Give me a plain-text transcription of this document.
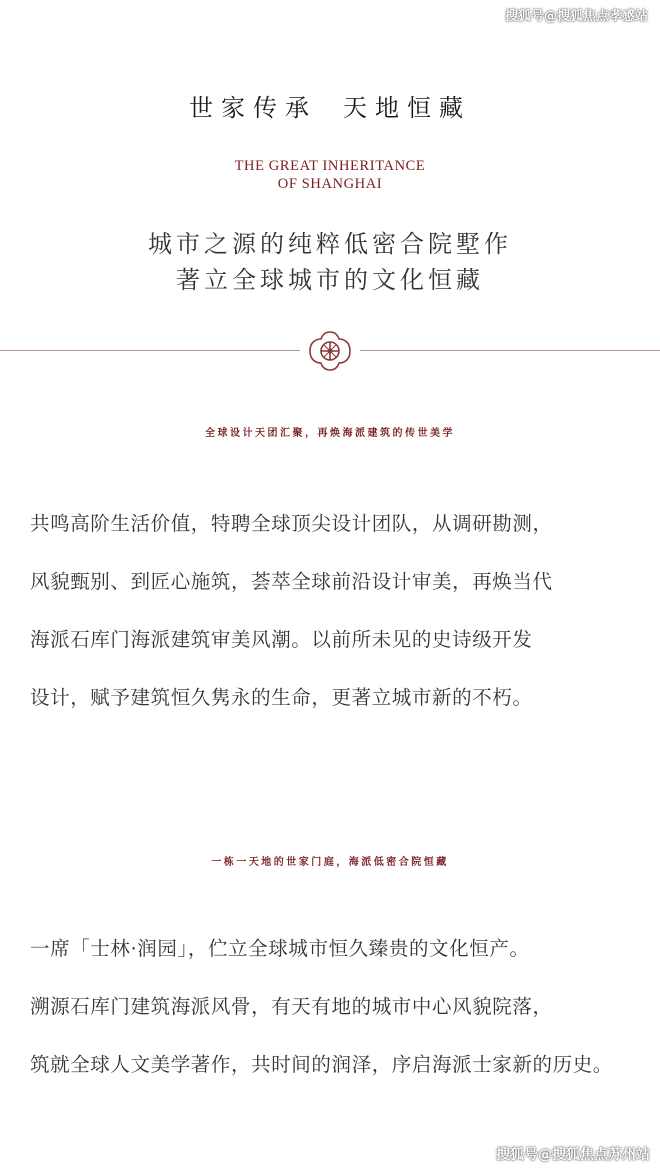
搜狐号@搜狐焦点孝感站
世家传承 天地恒藏
THE GREAT INHERITANCE
OF SHANGHAI
城市之源的纯粹低密合院墅作
著立全球城市的文化恒藏
全球设计天团汇聚，再焕海派建筑的传世美学
共鸣高阶生活价值，特聘全球顶尖设计团队，从调研勘测，
风貌甄别、到匠心施筑，荟萃全球前沿设计审美，再焕当代
海派石库门海派建筑审美风潮。以前所未见的史诗级开发
设计，赋予建筑恒久隽永的生命，更著立城市新的不朽。
一栋一天地的世家门庭，海派低密合院恒藏
一席「士林·润园」，伫立全球城市恒久臻贵的文化恒产。
溯源石库门建筑海派风骨，有天有地的城市中心风貌院落，
筑就全球人文美学著作，共时间的润泽，序启海派士家新的历史。
搜狐号@搜狐焦点苏州站
